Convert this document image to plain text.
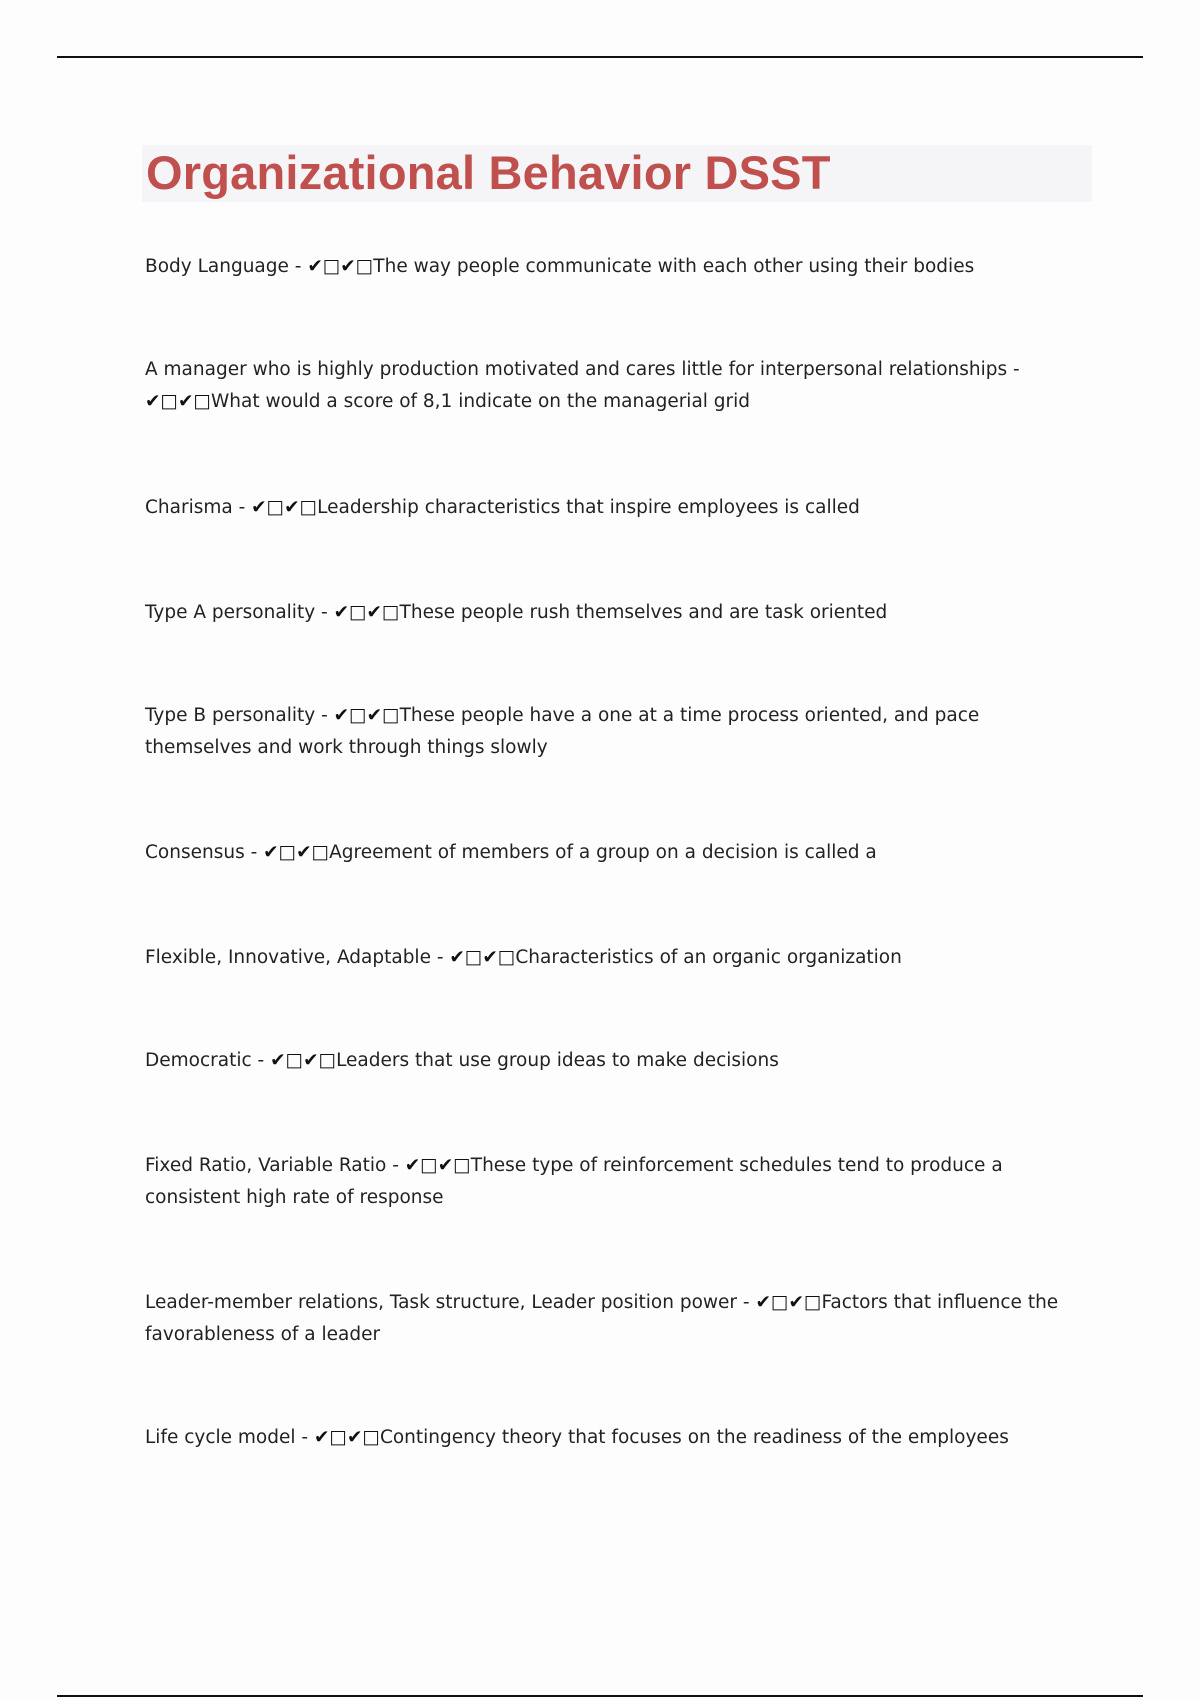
Organizational Behavior DSST

Body Language - ✔□✔□The way people communicate with each other using their bodies

A manager who is highly production motivated and cares little for interpersonal relationships - ✔□✔□What would a score of 8,1 indicate on the managerial grid

Charisma - ✔□✔□Leadership characteristics that inspire employees is called

Type A personality - ✔□✔□These people rush themselves and are task oriented

Type B personality - ✔□✔□These people have a one at a time process oriented, and pace themselves and work through things slowly

Consensus - ✔□✔□Agreement of members of a group on a decision is called a

Flexible, Innovative, Adaptable - ✔□✔□Characteristics of an organic organization

Democratic - ✔□✔□Leaders that use group ideas to make decisions

Fixed Ratio, Variable Ratio - ✔□✔□These type of reinforcement schedules tend to produce a consistent high rate of response

Leader-member relations, Task structure, Leader position power - ✔□✔□Factors that influence the favorableness of a leader

Life cycle model - ✔□✔□Contingency theory that focuses on the readiness of the employees
